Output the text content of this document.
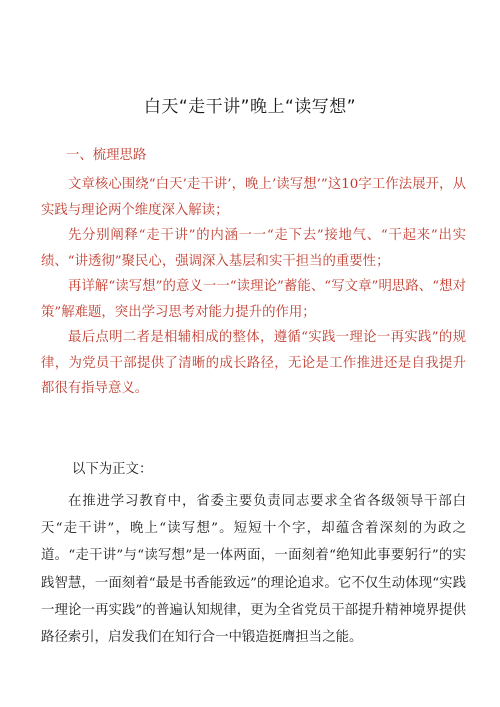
白天“走干讲”晚上“读写想”
一、梳理思路

文章核心围绕“白天’走干讲’，晚上’读写想’”这10字工作法展开，从实践与理论两个维度深入解读；

先分别阐释“走干讲”的内涵一一“走下去”接地气、“干起来”出实绩、“讲透彻”聚民心，强调深入基层和实干担当的重要性；

再详解“读写想”的意义一一“读理论”蓄能、“写文章”明思路、“想对策”解难题，突出学习思考对能力提升的作用；

最后点明二者是相辅相成的整体，遵循“实践一理论一再实践”的规律，为党员干部提供了清晰的成长路径，无论是工作推进还是自我提升都很有指导意义。

以下为正文：

在推进学习教育中，省委主要负责同志要求全省各级领导干部白天“走干讲”，晚上“读写想”。短短十个字，却蕴含着深刻的为政之道。“走干讲”与“读写想”是一体两面，一面刻着“绝知此事要躬行”的实践智慧，一面刻着“最是书香能致远”的理论追求。它不仅生动体现“实践一理论一再实践”的普遍认知规律，更为全省党员干部提升精神境界提供路径索引，启发我们在知行合一中锻造挺膺担当之能。
